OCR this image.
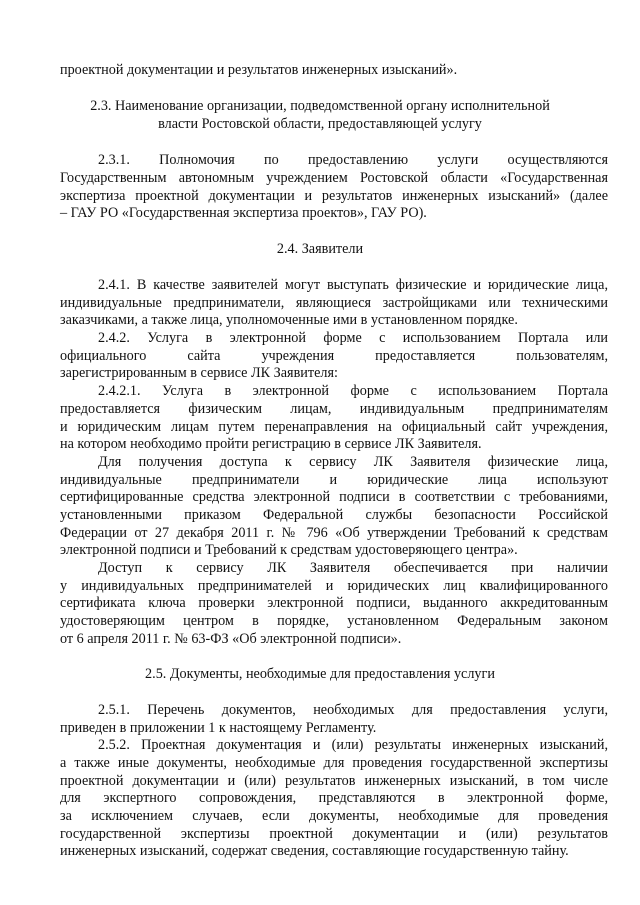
проектной документации и результатов инженерных изысканий».
2.3. Наименование организации, подведомственной органу исполнительной
власти Ростовской области, предоставляющей услугу
2.3.1. Полномочия по предоставлению услуги осуществляются
Государственным автономным учреждением Ростовской области «Государственная
экспертиза проектной документации и результатов инженерных изысканий» (далее
– ГАУ РО «Государственная экспертиза проектов», ГАУ РО).
2.4. Заявители
2.4.1. В качестве заявителей могут выступать физические и юридические лица,
индивидуальные предприниматели, являющиеся застройщиками или техническими
заказчиками, а также лица, уполномоченные ими в установленном порядке.
2.4.2. Услуга в электронной форме с использованием Портала или
официального сайта учреждения предоставляется пользователям,
зарегистрированным в сервисе ЛК Заявителя:
2.4.2.1. Услуга в электронной форме с использованием Портала
предоставляется физическим лицам, индивидуальным предпринимателям
и юридическим лицам путем перенаправления на официальный сайт учреждения,
на котором необходимо пройти регистрацию в сервисе ЛК Заявителя.
Для получения доступа к сервису ЛК Заявителя физические лица,
индивидуальные предприниматели и юридические лица используют
сертифицированные средства электронной подписи в соответствии с требованиями,
установленными приказом Федеральной службы безопасности Российской
Федерации от 27 декабря 2011 г. № 796 «Об утверждении Требований к средствам
электронной подписи и Требований к средствам удостоверяющего центра».
Доступ к сервису ЛК Заявителя обеспечивается при наличии
у индивидуальных предпринимателей и юридических лиц квалифицированного
сертификата ключа проверки электронной подписи, выданного аккредитованным
удостоверяющим центром в порядке, установленном Федеральным законом
от 6 апреля 2011 г. № 63-ФЗ «Об электронной подписи».
2.5. Документы, необходимые для предоставления услуги
2.5.1. Перечень документов, необходимых для предоставления услуги,
приведен в приложении 1 к настоящему Регламенту.
2.5.2. Проектная документация и (или) результаты инженерных изысканий,
а также иные документы, необходимые для проведения государственной экспертизы
проектной документации и (или) результатов инженерных изысканий, в том числе
для экспертного сопровождения, представляются в электронной форме,
за исключением случаев, если документы, необходимые для проведения
государственной экспертизы проектной документации и (или) результатов
инженерных изысканий, содержат сведения, составляющие государственную тайну.
